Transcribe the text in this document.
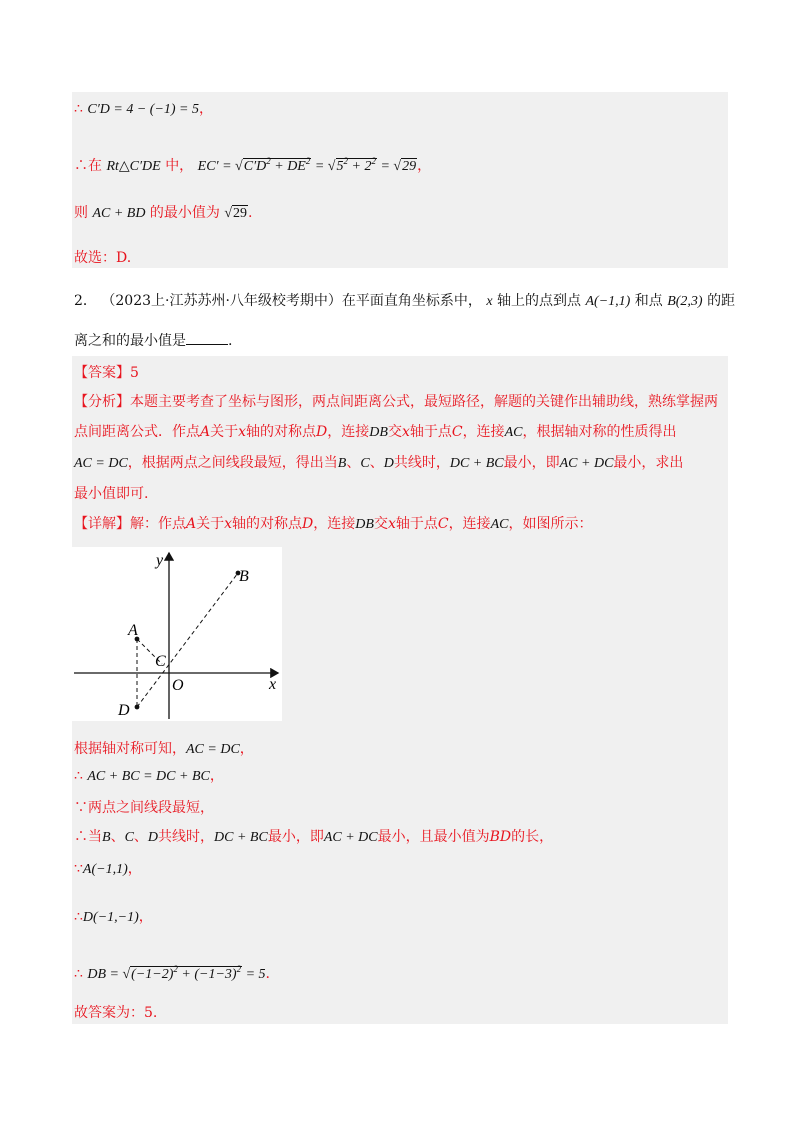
∴ C′D = 4 − (−1) = 5，
∴在 Rt△C′DE 中， $EC' = √C'D^2 + DE^2 = √5^2 + 2^2 = √29$，
则 AC + BD 的最小值为 √29.
故选：D.
2． （2023上·江苏苏州·八年级校考期中）在平面直角坐标系中， x 轴上的点到点 A(−1,1) 和点 B(2,3) 的距
离之和的最小值是	.
【答案】5
【分析】本题主要考查了坐标与图形，两点间距离公式，最短路径，解题的关键作出辅助线，熟练掌握两
点间距离公式．作点A关于x轴的对称点D，连接DB交x轴于点C，连接AC，根据轴对称的性质得出
AC = DC，根据两点之间线段最短，得出当B、C、D共线时，DC + BC最小，即AC + DC最小，求出
最小值即可.
【详解】解：作点A关于x轴的对称点D，连接DB交x轴于点C，连接AC，如图所示：
y
x
O
A
B
C
D
根据轴对称可知，AC = DC，
∴ AC + BC = DC + BC，
∵两点之间线段最短，
∴当B、C、D共线时，DC + BC最小，即AC + DC最小，且最小值为BD的长，
∵A(−1,1)，
∴D(−1,−1)，
∴ DB = $√(-1-2)^2 + (-1-3)^2 = 5$.
故答案为：5.
